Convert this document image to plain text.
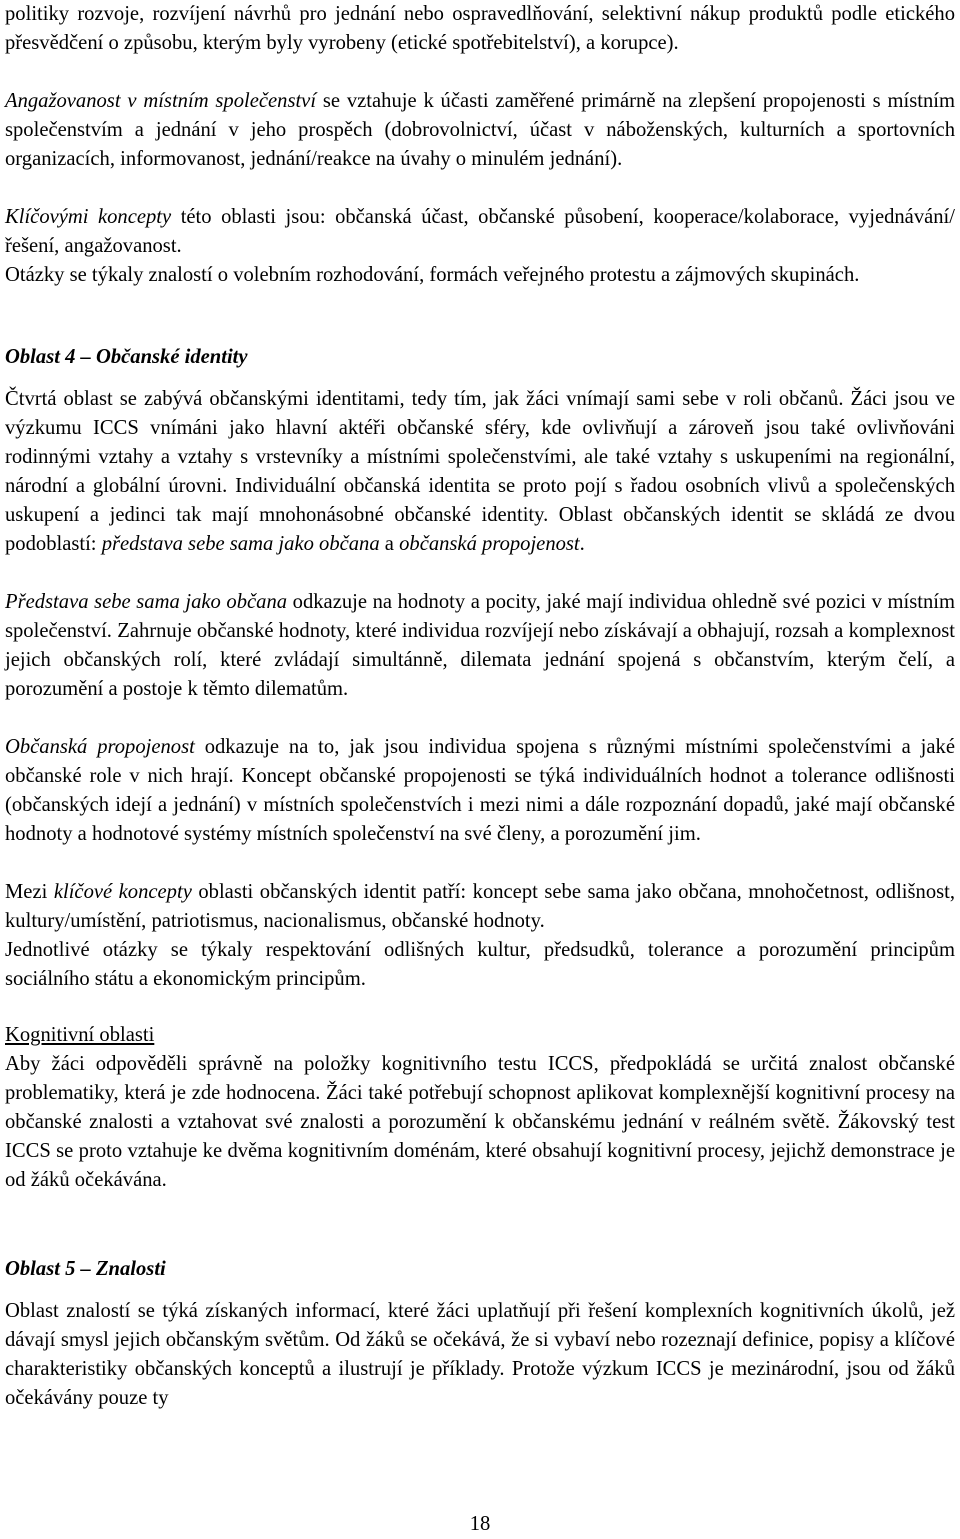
politiky rozvoje, rozvíjení návrhů pro jednání nebo ospravedlňování, selektivní nákup produktů podle etického přesvědčení o způsobu, kterým byly vyrobeny (etické spotřebitelství), a korupce).

Angažovanost v místním společenství se vztahuje k účasti zaměřené primárně na zlepšení propojenosti s místním společenstvím a jednání v jeho prospěch (dobrovolnictví, účast v náboženských, kulturních a sportovních organizacích, informovanost, jednání/reakce na úvahy o minulém jednání).

Klíčovými koncepty této oblasti jsou: občanská účast, občanské působení, kooperace/kolaborace, vyjednávání/řešení, angažovanost.

Otázky se týkaly znalostí o volebním rozhodování, formách veřejného protestu a zájmových skupinách.

Oblast 4 – Občanské identity

Čtvrtá oblast se zabývá občanskými identitami, tedy tím, jak žáci vnímají sami sebe v roli občanů. Žáci jsou ve výzkumu ICCS vnímáni jako hlavní aktéři občanské sféry, kde ovlivňují a zároveň jsou také ovlivňováni rodinnými vztahy a vztahy s vrstevníky a místními společenstvími, ale také vztahy s uskupeními na regionální, národní a globální úrovni. Individuální občanská identita se proto pojí s řadou osobních vlivů a společenských uskupení a jedinci tak mají mnohonásobné občanské identity. Oblast občanských identit se skládá ze dvou podoblastí: představa sebe sama jako občana a občanská propojenost.

Představa sebe sama jako občana odkazuje na hodnoty a pocity, jaké mají individua ohledně své pozici v místním společenství. Zahrnuje občanské hodnoty, které individua rozvíjejí nebo získávají a obhajují, rozsah a komplexnost jejich občanských rolí, které zvládají simultánně, dilemata jednání spojená s občanstvím, kterým čelí, a porozumění a postoje k těmto dilematům.

Občanská propojenost odkazuje na to, jak jsou individua spojena s různými místními společenstvími a jaké občanské role v nich hrají. Koncept občanské propojenosti se týká individuálních hodnot a tolerance odlišnosti (občanských idejí a jednání) v místních společenstvích i mezi nimi a dále rozpoznání dopadů, jaké mají občanské hodnoty a hodnotové systémy místních společenství na své členy, a porozumění jim.

Mezi klíčové koncepty oblasti občanských identit patří: koncept sebe sama jako občana, mnohočetnost, odlišnost, kultury/umístění, patriotismus, nacionalismus, občanské hodnoty.

Jednotlivé otázky se týkaly respektování odlišných kultur, předsudků, tolerance a porozumění principům sociálního státu a ekonomickým principům.

Kognitivní oblasti

Aby žáci odpověděli správně na položky kognitivního testu ICCS, předpokládá se určitá znalost občanské problematiky, která je zde hodnocena. Žáci také potřebují schopnost aplikovat komplexnější kognitivní procesy na občanské znalosti a vztahovat své znalosti a porozumění k občanskému jednání v reálném světě. Žákovský test ICCS se proto vztahuje ke dvěma kognitivním doménám, které obsahují kognitivní procesy, jejichž demonstrace je od žáků očekávána.

Oblast 5 – Znalosti

Oblast znalostí se týká získaných informací, které žáci uplatňují při řešení komplexních kognitivních úkolů, jež dávají smysl jejich občanským světům. Od žáků se očekává, že si vybaví nebo rozeznají definice, popisy a klíčové charakteristiky občanských konceptů a ilustrují je příklady. Protože výzkum ICCS je mezinárodní, jsou od žáků očekávány pouze ty

18
